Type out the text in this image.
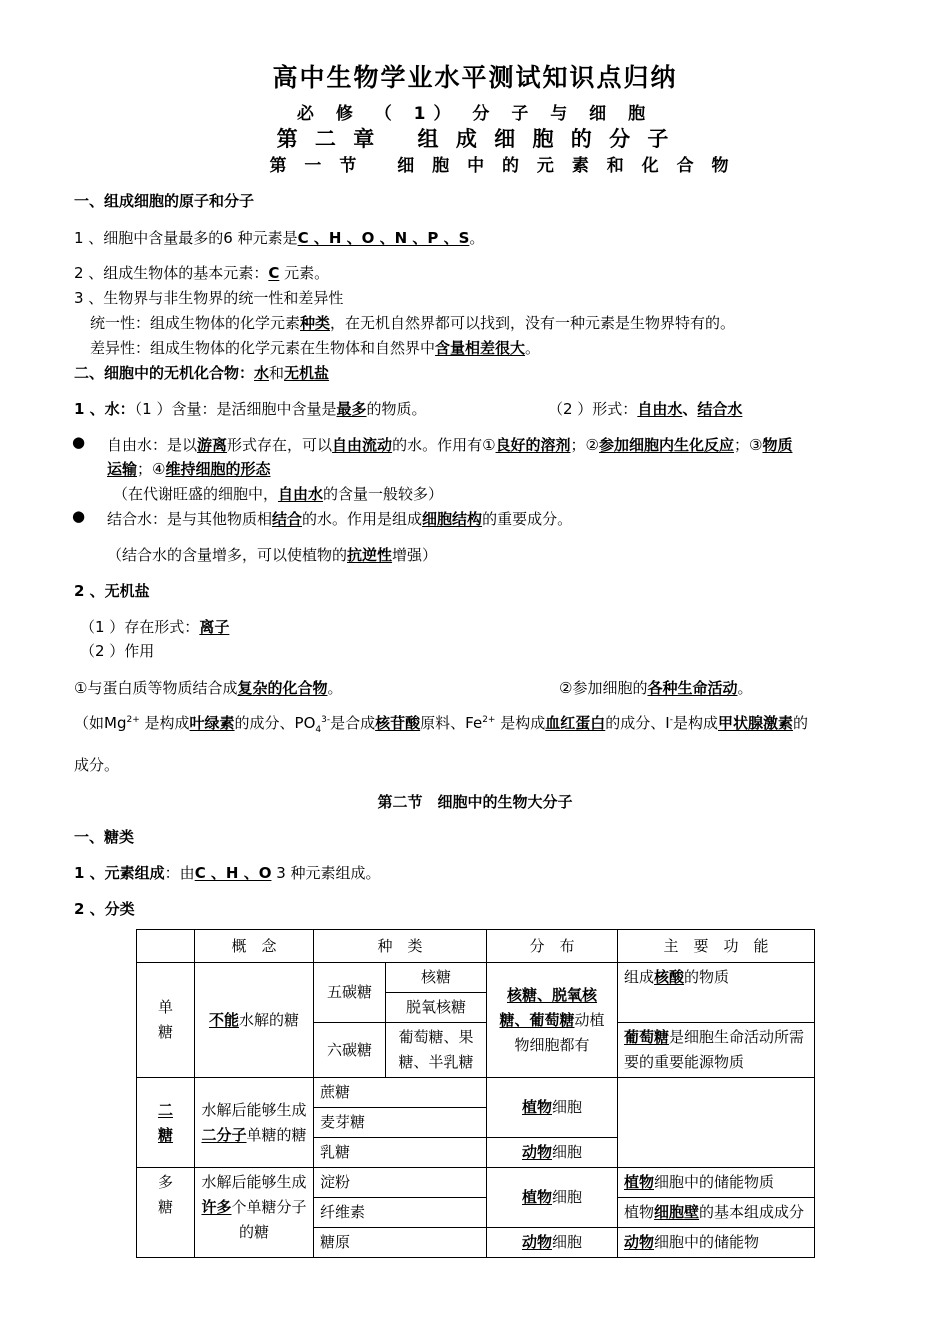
高中生物学业水平测试知识点归纳
必 修 （ 1） 分 子 与 细 胞
第 二 章　 组 成 细 胞 的 分 子
第 一 节　 细 胞 中 的 元 素 和 化 合 物
一、组成细胞的原子和分子
1 、细胞中含量最多的6 种元素是C 、H 、O 、N 、P 、S。
2 、组成生物体的基本元素：C 元素。
3 、生物界与非生物界的统一性和差异性
统一性：组成生物体的化学元素种类，在无机自然界都可以找到，没有一种元素是生物界特有的。
差异性：组成生物体的化学元素在生物体和自然界中含量相差很大。
二、细胞中的无机化合物：水和无机盐
1 、水：（1 ）含量：是活细胞中含量是最多的物质。	（2 ）形式：自由水、结合水
● 自由水：是以游离形式存在，可以自由流动的水。作用有①良好的溶剂；②参加细胞内生化反应；③物质
运输；④维持细胞的形态
（在代谢旺盛的细胞中，自由水的含量一般较多）
● 结合水：是与其他物质相结合的水。作用是组成细胞结构的重要成分。
（结合水的含量增多，可以使植物的抗逆性增强）
2 、无机盐
（1 ）存在形式：离子
（2 ）作用
①与蛋白质等物质结合成复杂的化合物。	②参加细胞的各种生命活动。
（如$Mg^{2+}$ 是构成叶绿素的成分、$PO_4^{3-}$是合成核苷酸原料、$Fe^{2+}$ 是构成血红蛋白的成分、I-是构成甲状腺激素的
成分。
第二节　细胞中的生物大分子
一、糖类
1 、元素组成：由C 、H 、O 3 种元素组成。
2 、分类
	概　念	种　类		分　布	主　要　功　能
单糖	不能水解的糖	五碳糖	核糖	核糖、脱氧核糖、葡萄糖动植物细胞都有	组成核酸的物质
			脱氧核糖		
		六碳糖	葡萄糖、果糖、半乳糖		葡萄糖是细胞生命活动所需要的重要能源物质
二糖	水解后能够生成二分子单糖的糖	蔗糖		植物细胞	
		麦芽糖			
		乳糖		动物细胞	
多糖	水解后能够生成许多个单糖分子的糖	淀粉		植物细胞	植物细胞中的储能物质
		纤维素			植物细胞壁的基本组成成分
		糖原		动物细胞	动物细胞中的储能物
